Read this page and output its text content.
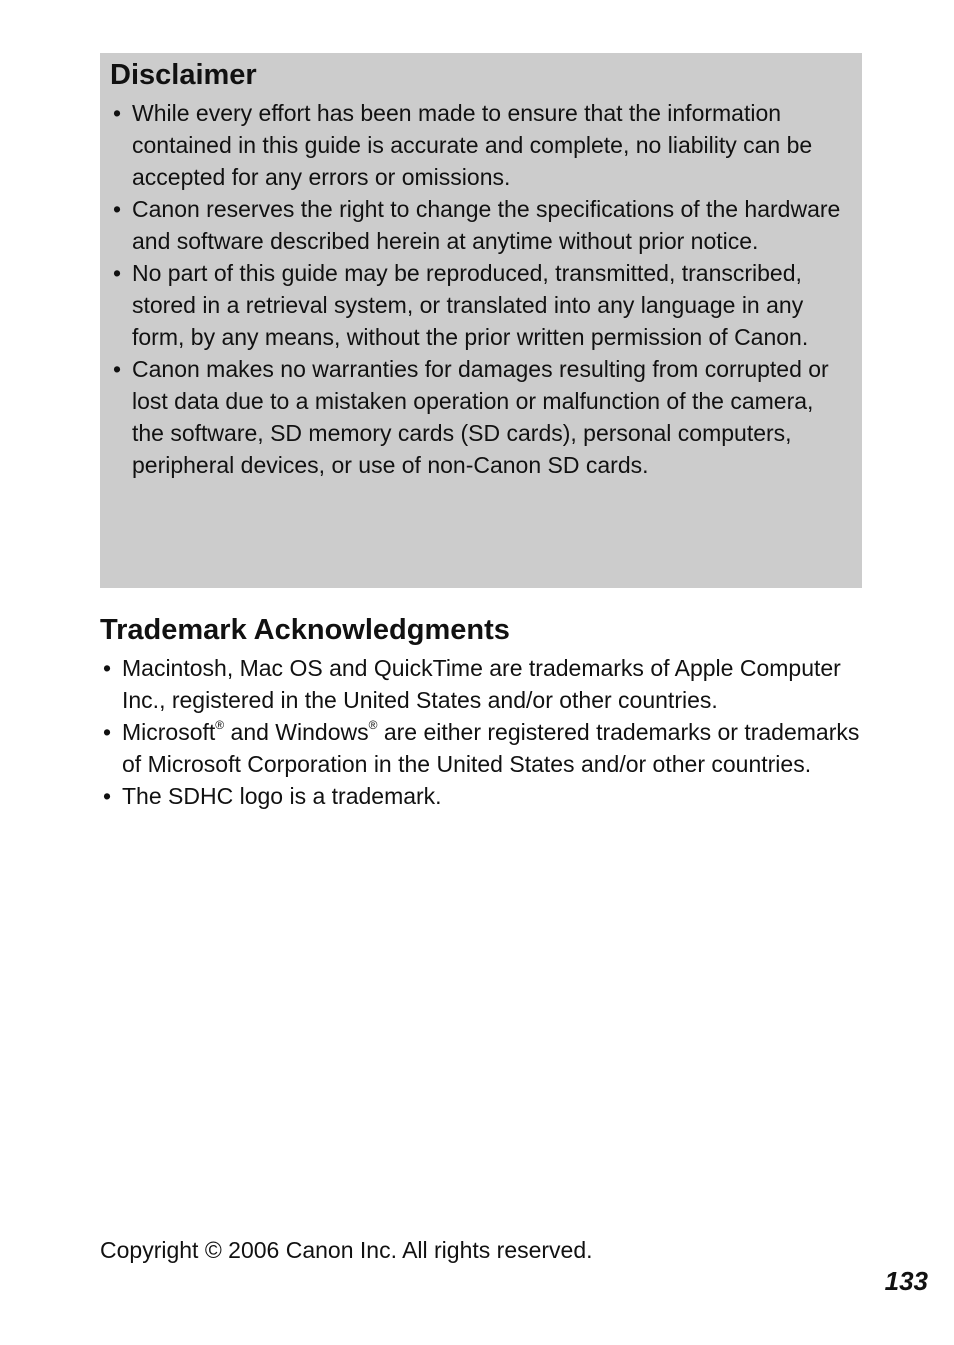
Disclaimer
• While every effort has been made to ensure that the information contained in this guide is accurate and complete, no liability can be accepted for any errors or omissions.
• Canon reserves the right to change the specifications of the hardware and software described herein at anytime without prior notice.
• No part of this guide may be reproduced, transmitted, transcribed, stored in a retrieval system, or translated into any language in any form, by any means, without the prior written permission of Canon.
• Canon makes no warranties for damages resulting from corrupted or lost data due to a mistaken operation or malfunction of the camera, the software, SD memory cards (SD cards), personal computers, peripheral devices, or use of non-Canon SD cards.
Trademark Acknowledgments
• Macintosh, Mac OS and QuickTime are trademarks of Apple Computer Inc., registered in the United States and/or other countries.
• Microsoft® and Windows® are either registered trademarks or trademarks of Microsoft Corporation in the United States and/or other countries.
• The SDHC logo is a trademark.
Copyright © 2006 Canon Inc. All rights reserved.
133
